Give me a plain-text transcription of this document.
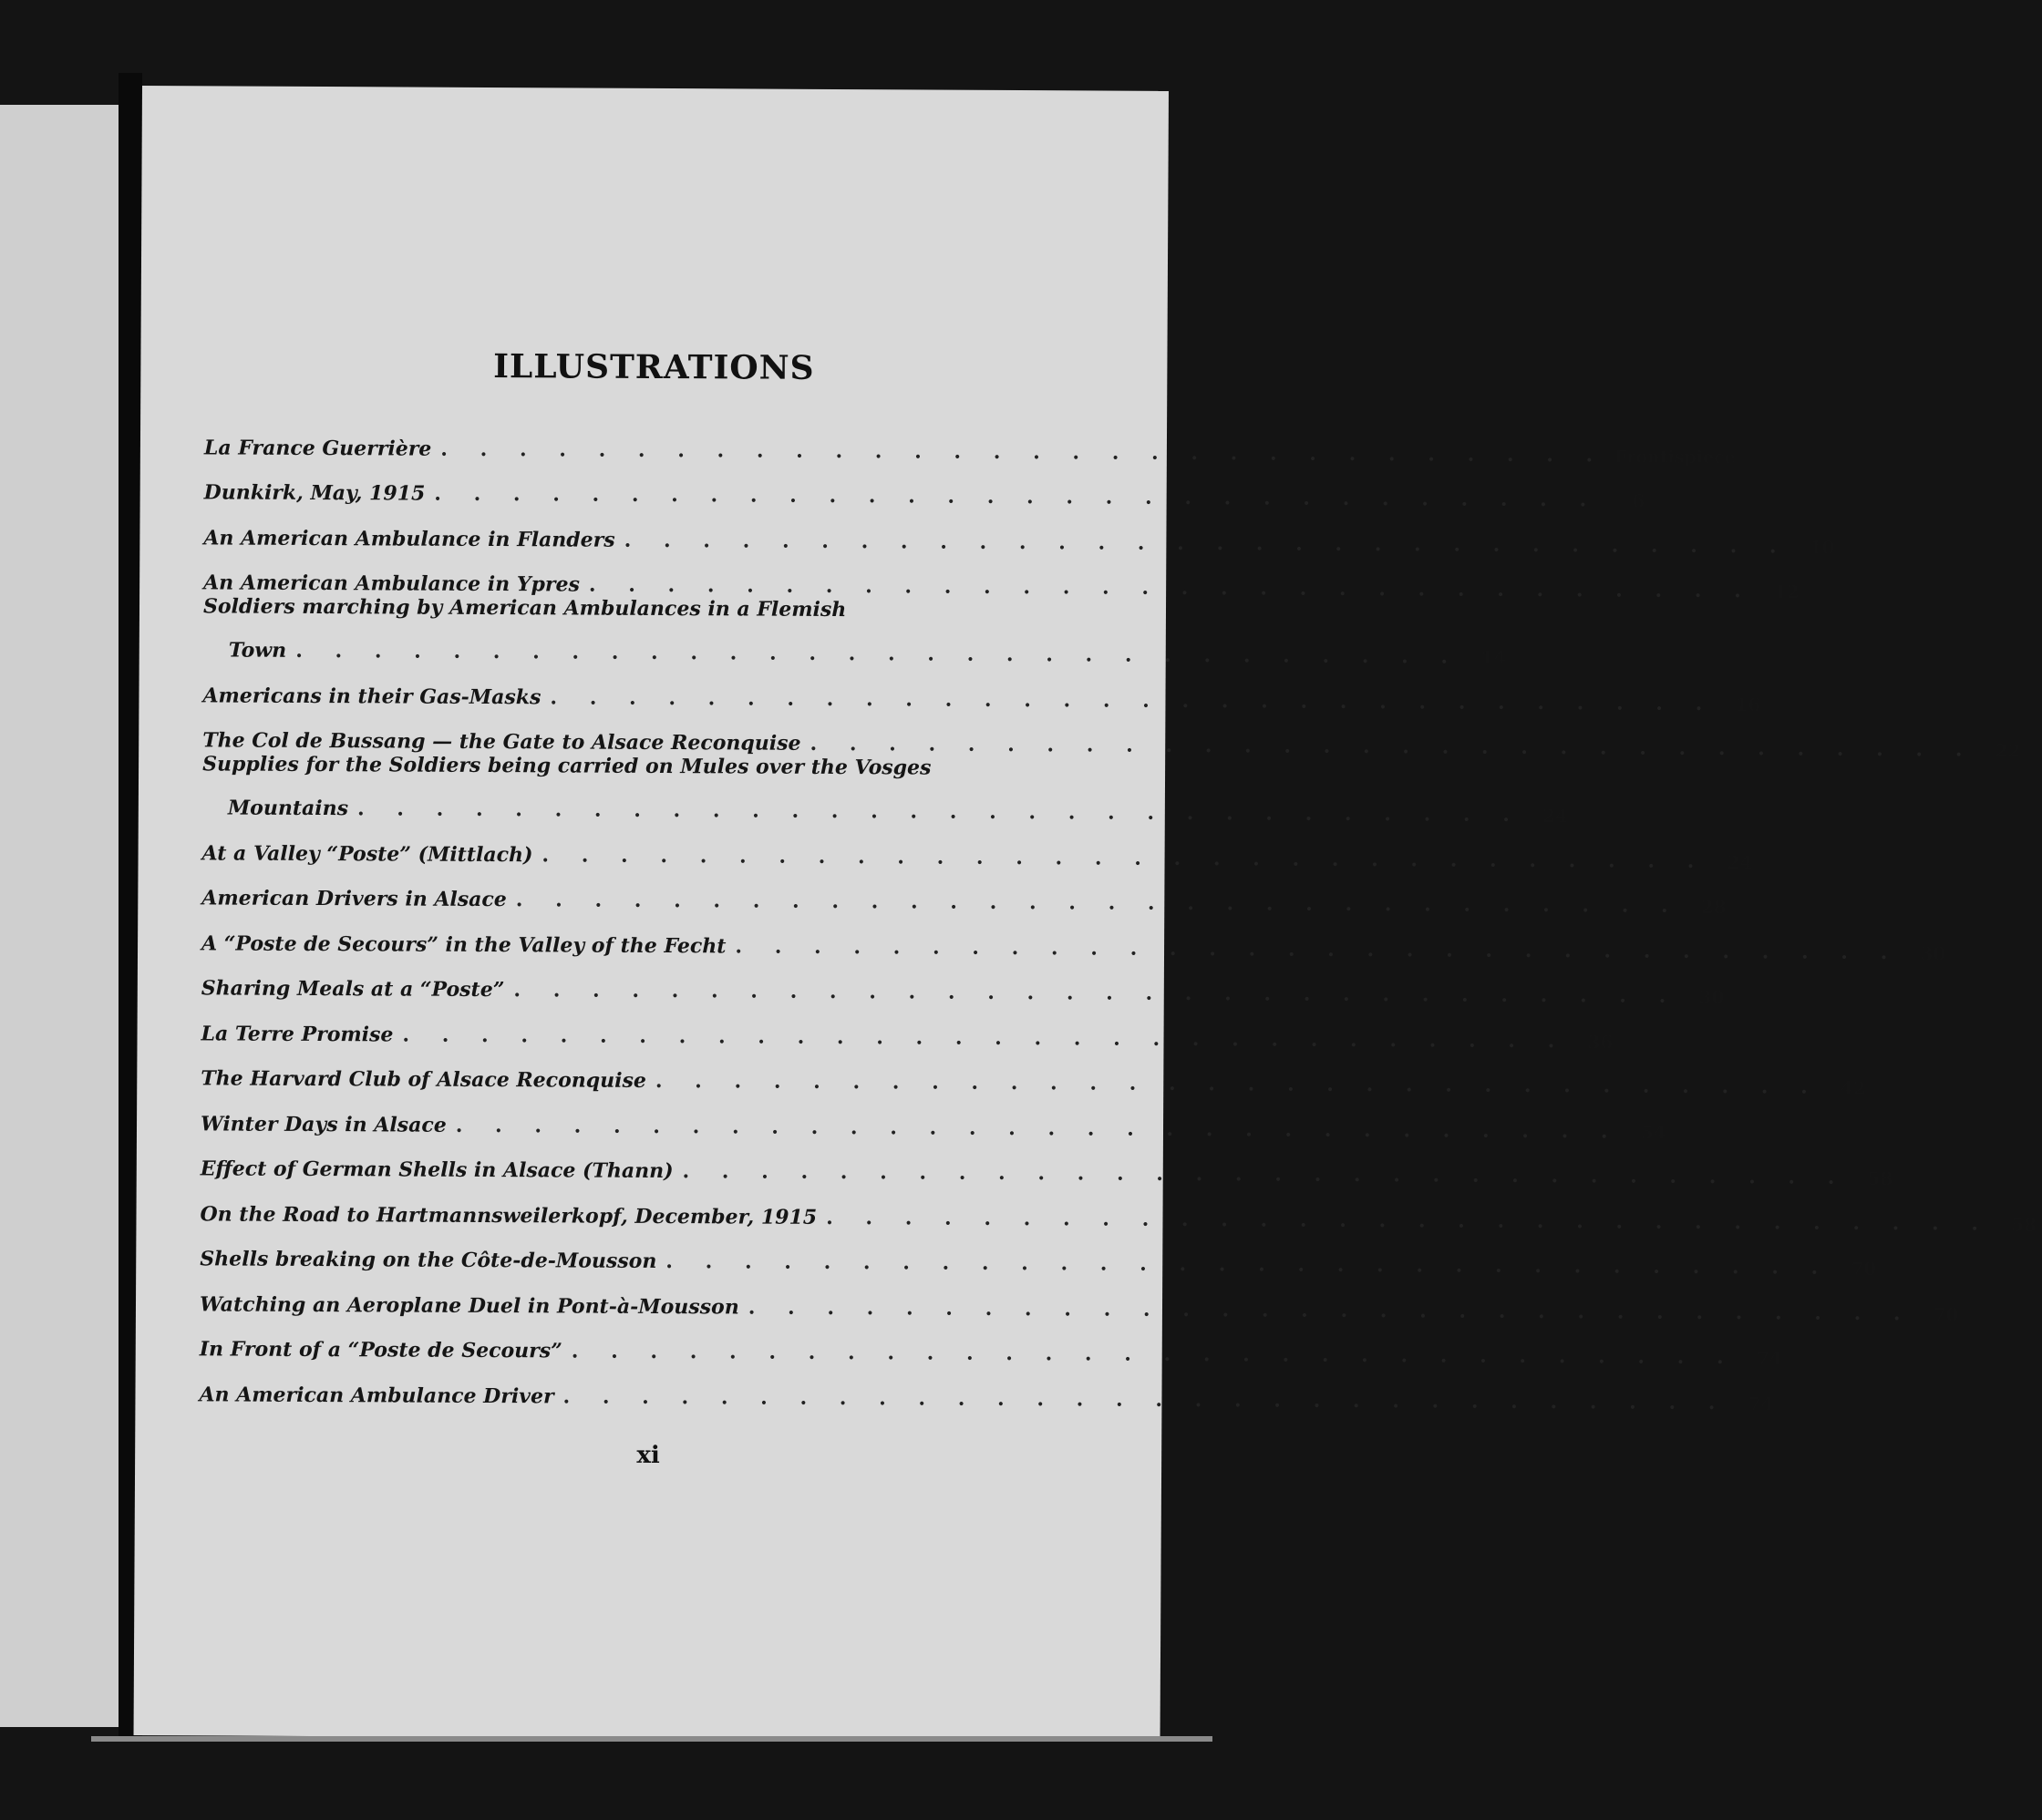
ILLUSTRATIONS
La France Guerrière . . . . . . . . . . . . . . . . . . . . . . . . . . . . . . Frontispiece
Dunkirk, May, 1915 . . . . . . . . . . . . . . . . . . . . . . . . . . . . . .	6
An American Ambulance in Flanders . . . . . . . . . . . . . . . . . . . . . . . . . . . . . .	10
An American Ambulance in Ypres . . . . . . . . . . . . . . . . . . . . . . . . . . . . . .	12
Soldiers marching by American Ambulances in a Flemish
Town . . . . . . . . . . . . . . . . . . . . . . . . . . . . . .	14
Americans in their Gas-Masks . . . . . . . . . . . . . . . . . . . . . . . . . . . . . .	16
The Col de Bussang — the Gate to Alsace Reconquise . . . . . . . . . . . . . . . . . . . . . . . . . . . . . .	22
Supplies for the Soldiers being carried on Mules over the Vosges
Mountains . . . . . . . . . . . . . . . . . . . . . . . . . . . . . .	24
At a Valley “Poste” (Mittlach) . . . . . . . . . . . . . . . . . . . . . . . . . . . . . .	24
American Drivers in Alsace . . . . . . . . . . . . . . . . . . . . . . . . . . . . . .	28
A “Poste de Secours” in the Valley of the Fecht . . . . . . . . . . . . . . . . . . . . . . . . . . . . . .	30
Sharing Meals at a “Poste” . . . . . . . . . . . . . . . . . . . . . . . . . . . . . .	30
La Terre Promise . . . . . . . . . . . . . . . . . . . . . . . . . . . . . .	36
The Harvard Club of Alsace Reconquise . . . . . . . . . . . . . . . . . . . . . . . . . . . . . .	42
Winter Days in Alsace . . . . . . . . . . . . . . . . . . . . . . . . . . . . . .	54
Effect of German Shells in Alsace (Thann) . . . . . . . . . . . . . . . . . . . . . . . . . . . . . .	58
On the Road to Hartmannsweilerkopf, December, 1915 . . . . . . . . . . . . . . . . . . . . . . . . . . . . . .	58
Shells breaking on the Côte-de-Mousson . . . . . . . . . . . . . . . . . . . . . . . . . . . . . .	70
Watching an Aeroplane Duel in Pont-à-Mousson . . . . . . . . . . . . . . . . . . . . . . . . . . . . . .	70
In Front of a “Poste de Secours” . . . . . . . . . . . . . . . . . . . . . . . . . . . . . .	74
An American Ambulance Driver . . . . . . . . . . . . . . . . . . . . . . . . . . . . . .	74
xi
